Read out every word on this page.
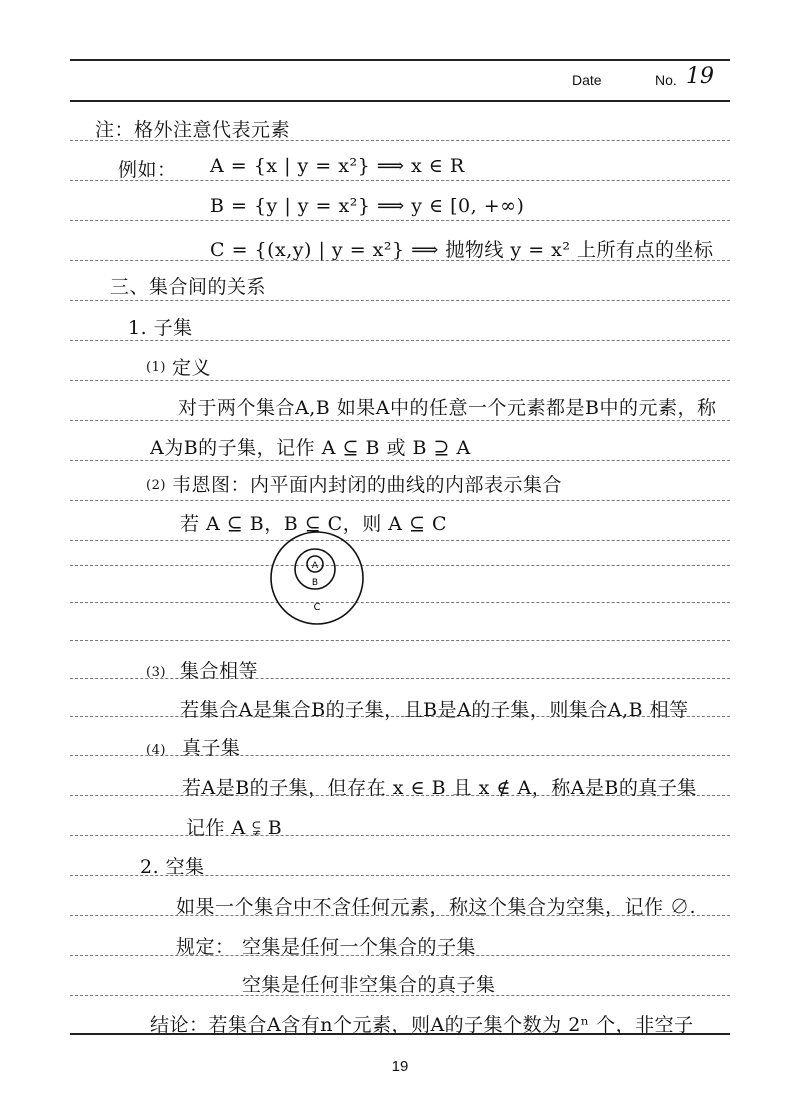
Date	No. 19
注：格外注意代表元素
例如： A = {x | y = x²} ⟹ x ∈ R
B = {y | y = x²} ⟹ y ∈ [0, +∞)
C = {(x,y) | y = x²} ⟹ 抛物线 y = x² 上所有点的坐标
三、集合间的关系
1. 子集
(1) 定义
对于两个集合A,B 如果A中的任意一个元素都是B中的元素，称
A为B的子集，记作 A ⊆ B 或 B ⊇ A
(2) 韦恩图：内平面内封闭的曲线的内部表示集合
若 A ⊆ B，B ⊆ C，则 A ⊆ C
A
B
C
(3) 集合相等
若集合A是集合B的子集，且B是A的子集，则集合A,B 相等
(4) 真子集
若A是B的子集，但存在 x ∈ B 且 x ∉ A，称A是B的真子集
记作 A ⫋ B
2. 空集
如果一个集合中不含任何元素，称这个集合为空集，记作 ∅.
规定： 空集是任何一个集合的子集
空集是任何非空集合的真子集
结论：若集合A含有n个元素，则A的子集个数为 2ⁿ 个，非空子
19
